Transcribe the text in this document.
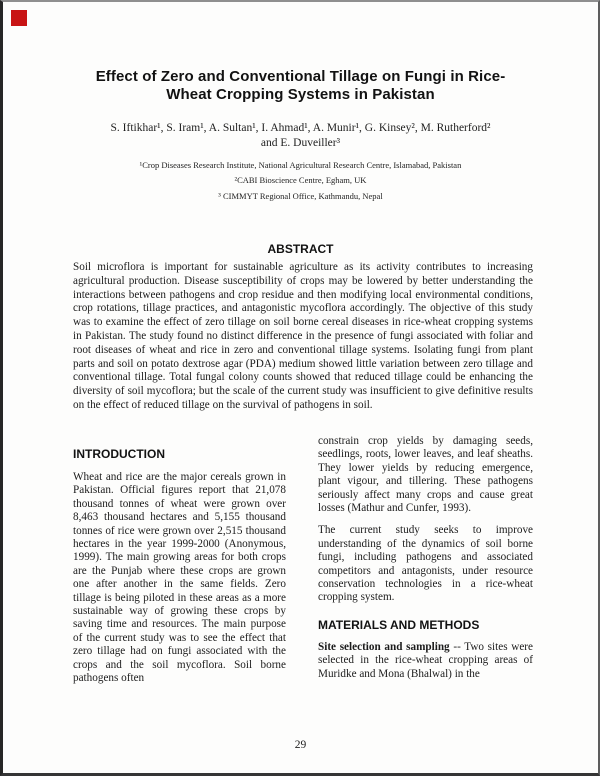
Effect of Zero and Conventional Tillage on Fungi in Rice-
Wheat Cropping Systems in Pakistan
S. Iftikhar¹, S. Iram¹, A. Sultan¹, I. Ahmad¹, A. Munir¹, G. Kinsey², M. Rutherford²
and E. Duveiller³
¹Crop Diseases Research Institute, National Agricultural Research Centre, Islamabad, Pakistan
²CABI Bioscience Centre, Egham, UK
³ CIMMYT Regional Office, Kathmandu, Nepal
ABSTRACT
Soil microflora is important for sustainable agriculture as its activity contributes to increasing agricultural production. Disease susceptibility of crops may be lowered by better understanding the interactions between pathogens and crop residue and then modifying local environmental conditions, crop rotations, tillage practices, and antagonistic mycoflora accordingly. The objective of this study was to examine the effect of zero tillage on soil borne cereal diseases in rice-wheat cropping systems in Pakistan. The study found no distinct difference in the presence of fungi associated with foliar and root diseases of wheat and rice in zero and conventional tillage systems. Isolating fungi from plant parts and soil on potato dextrose agar (PDA) medium showed little variation between zero tillage and conventional tillage. Total fungal colony counts showed that reduced tillage could be enhancing the diversity of soil mycoflora; but the scale of the current study was insufficient to give definitive results on the effect of reduced tillage on the survival of pathogens in soil.
INTRODUCTION

Wheat and rice are the major cereals grown in Pakistan. Official figures report that 21,078 thousand tonnes of wheat were grown over 8,463 thousand hectares and 5,155 thousand tonnes of rice were grown over 2,515 thousand hectares in the year 1999-2000 (Anonymous, 1999). The main growing areas for both crops are the Punjab where these crops are grown one after another in the same fields. Zero tillage is being piloted in these areas as a more sustainable way of growing these crops by saving time and resources. The main purpose of the current study was to see the effect that zero tillage had on fungi associated with the crops and the soil mycoflora. Soil borne pathogens often

constrain crop yields by damaging seeds, seedlings, roots, lower leaves, and leaf sheaths. They lower yields by reducing emergence, plant vigour, and tillering. These pathogens seriously affect many crops and cause great losses (Mathur and Cunfer, 1993).

The current study seeks to improve understanding of the dynamics of soil borne fungi, including pathogens and associated competitors and antagonists, under resource conservation technologies in a rice-wheat cropping system.

MATERIALS AND METHODS

Site selection and sampling -- Two sites were selected in the rice-wheat cropping areas of Muridke and Mona (Bhalwal) in the

29
